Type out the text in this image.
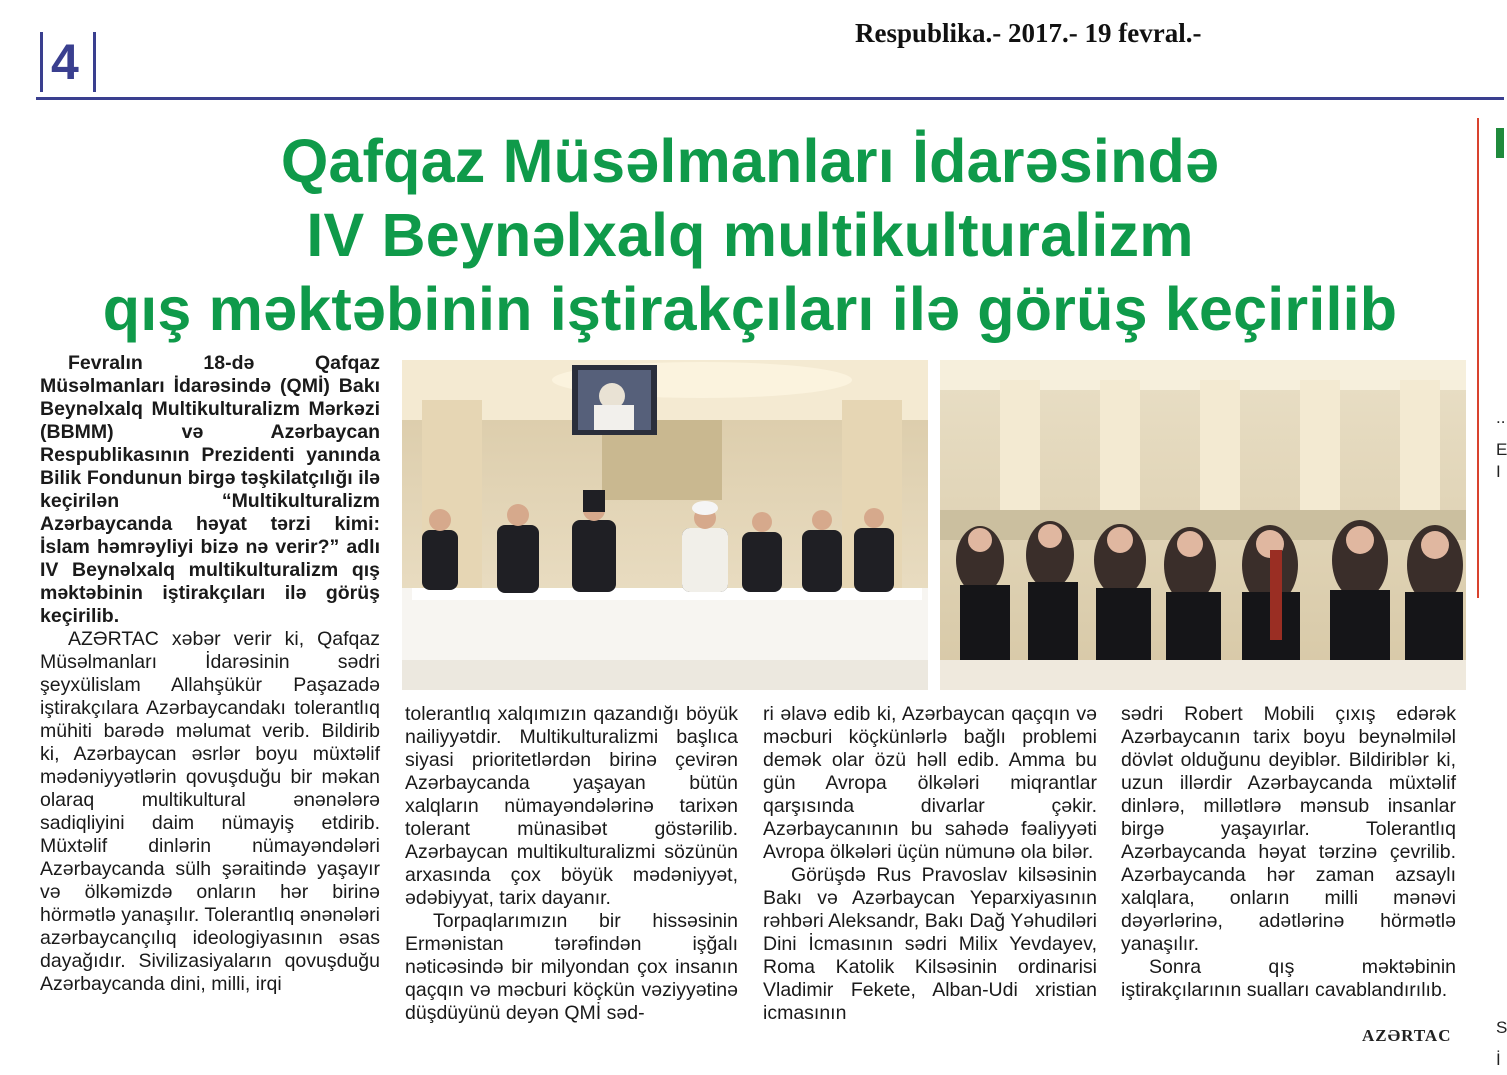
4
Respublika.- 2017.- 19 fevral.-
..
E
I
S
İ
Qafqaz Müsəlmanları İdarəsində
IV Beynəlxalq multikulturalizm
qış məktəbinin iştirakçıları ilə görüş keçirilib

Fevralın 18-də Qafqaz Müsəlmanları İdarəsində (QMİ) Bakı Beynəlxalq Multikulturalizm Mərkəzi (BBMM) və Azərbaycan Respublikasının Prezidenti yanında Bilik Fondunun birgə təşkilatçılığı ilə keçirilən “Multikulturalizm Azərbaycanda həyat tərzi kimi: İslam həmrəyliyi bizə nə verir?” adlı IV Beynəlxalq multikulturalizm qış məktəbinin iştirakçıları ilə görüş keçirilib.

AZƏRTAC xəbər verir ki, Qafqaz Müsəlmanları İdarəsinin sədri şeyxülislam Allahşükür Paşazadə iştirakçılara Azərbaycandakı tolerantlıq mühiti barədə məlumat verib. Bildirib ki, Azərbaycan əsrlər boyu müxtəlif mədəniyyətlərin qovuşduğu bir məkan olaraq multikultural ənənələrə sadiqliyini daim nümayiş etdirib. Müxtəlif dinlərin nümayəndələri Azərbaycanda sülh şəraitində yaşayır və ölkəmizdə onların hər birinə hörmətlə yanaşılır. Tolerantlıq ənənələri azərbaycançılıq ideologiyasının əsas dayağıdır. Sivilizasiyaların qovuşduğu Azərbaycanda dini, milli, irqi

tolerantlıq xalqımızın qazandığı böyük nailiyyətdir. Multikulturalizmi başlıca siyasi prioritetlərdən birinə çevirən Azərbaycanda yaşayan bütün xalqların nümayəndələrinə tarixən tolerant münasibət göstərilib. Azərbaycan multikulturalizmi sözünün arxasında çox böyük mədəniyyət, ədəbiyyat, tarix dayanır.

Torpaqlarımızın bir hissəsinin Ermənistan tərəfindən işğalı nəticəsində bir milyondan çox insanın qaçqın və məcburi köçkün vəziyyətinə düşdüyünü deyən QMİ səd-

ri əlavə edib ki, Azərbaycan qaçqın və məcburi köçkünlərlə bağlı problemi demək olar özü həll edib. Amma bu gün Avropa ölkələri miqrantlar qarşısında divarlar çəkir. Azərbaycanının bu sahədə fəaliyyəti Avropa ölkələri üçün nümunə ola bilər.

Görüşdə Rus Pravoslav kilsəsinin Bakı və Azərbaycan Yeparxiyasının rəhbəri Aleksandr, Bakı Dağ Yəhudiləri Dini İcmasının sədri Milix Yevdayev, Roma Katolik Kilsəsinin ordinarisi Vladimir Fekete, Alban-Udi xristian icmasının

sədri Robert Mobili çıxış edərək Azərbaycanın tarix boyu beynəlmiləl dövlət olduğunu deyiblər. Bildiriblər ki, uzun illərdir Azərbaycanda müxtəlif dinlərə, millətlərə mənsub insanlar birgə yaşayırlar. Tolerantlıq Azərbaycanda həyat tərzinə çevrilib. Azərbaycanda hər zaman azsaylı xalqlara, onların milli mənəvi dəyərlərinə, adətlərinə hörmətlə yanaşılır.

Sonra qış məktəbinin iştirakçılarının sualları cavablandırılıb.

AZƏRTAC
